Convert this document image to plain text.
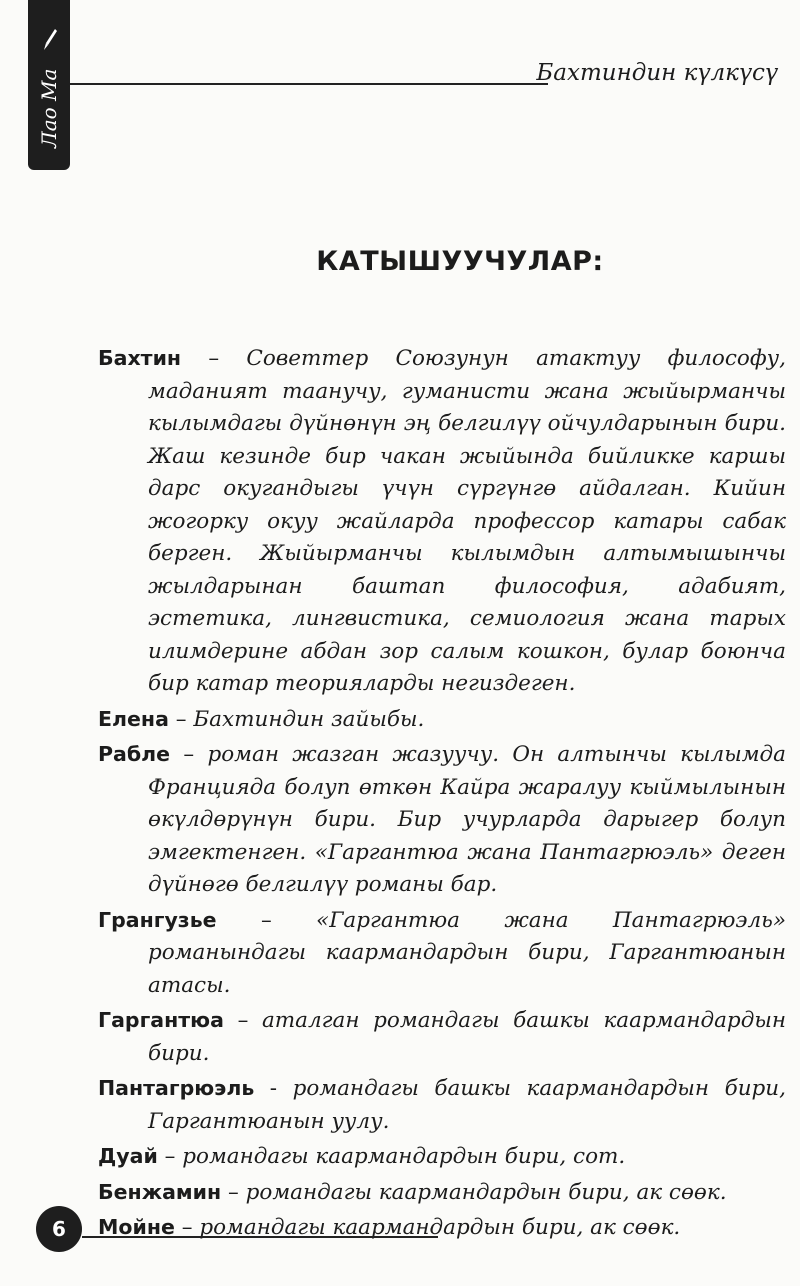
Лао Ма	Бахтиндин күлкүсү
КАТЫШУУЧУЛАР:
Бахтин – Советтер Союзунун атактуу философу, маданият таанучу, гуманисти жана жыйырманчы кылымдагы дүйнөнүн эң белгилүү ойчулдарынын бири. Жаш кезинде бир чакан жыйында бийликке каршы дарс окугандыгы үчүн сүргүнгө айдалган. Кийин жогорку окуу жайларда профессор катары сабак берген. Жыйырманчы кылымдын алтымышынчы жылдарынан баштап философия, адабият, эстетика, лингвистика, семиология жана тарых илимдерине абдан зор салым кошкон, булар боюнча бир катар теорияларды негиздеген.
Елена – Бахтиндин зайыбы.
Рабле – роман жазган жазуучу. Он алтынчы кылымда Францияда болуп өткөн Кайра жаралуу кыймылынын өкүлдөрүнүн бири. Бир учурларда дарыгер болуп эмгектенген. «Гаргантюа жана Пантагрюэль» деген дүйнөгө белгилүү романы бар.
Грангузье – «Гаргантюа жана Пантагрюэль» романындагы каармандардын бири, Гаргантюанын атасы.
Гаргантюа – аталган романдагы башкы каармандардын бири.
Пантагрюэль - романдагы башкы каармандардын бири, Гаргантюанын уулу.
Дуай – романдагы каармандардын бири, сот.
Бенжамин – романдагы каармандардын бири, ак сөөк.
Мойне – романдагы каармандардын бири, ак сөөк.
6
